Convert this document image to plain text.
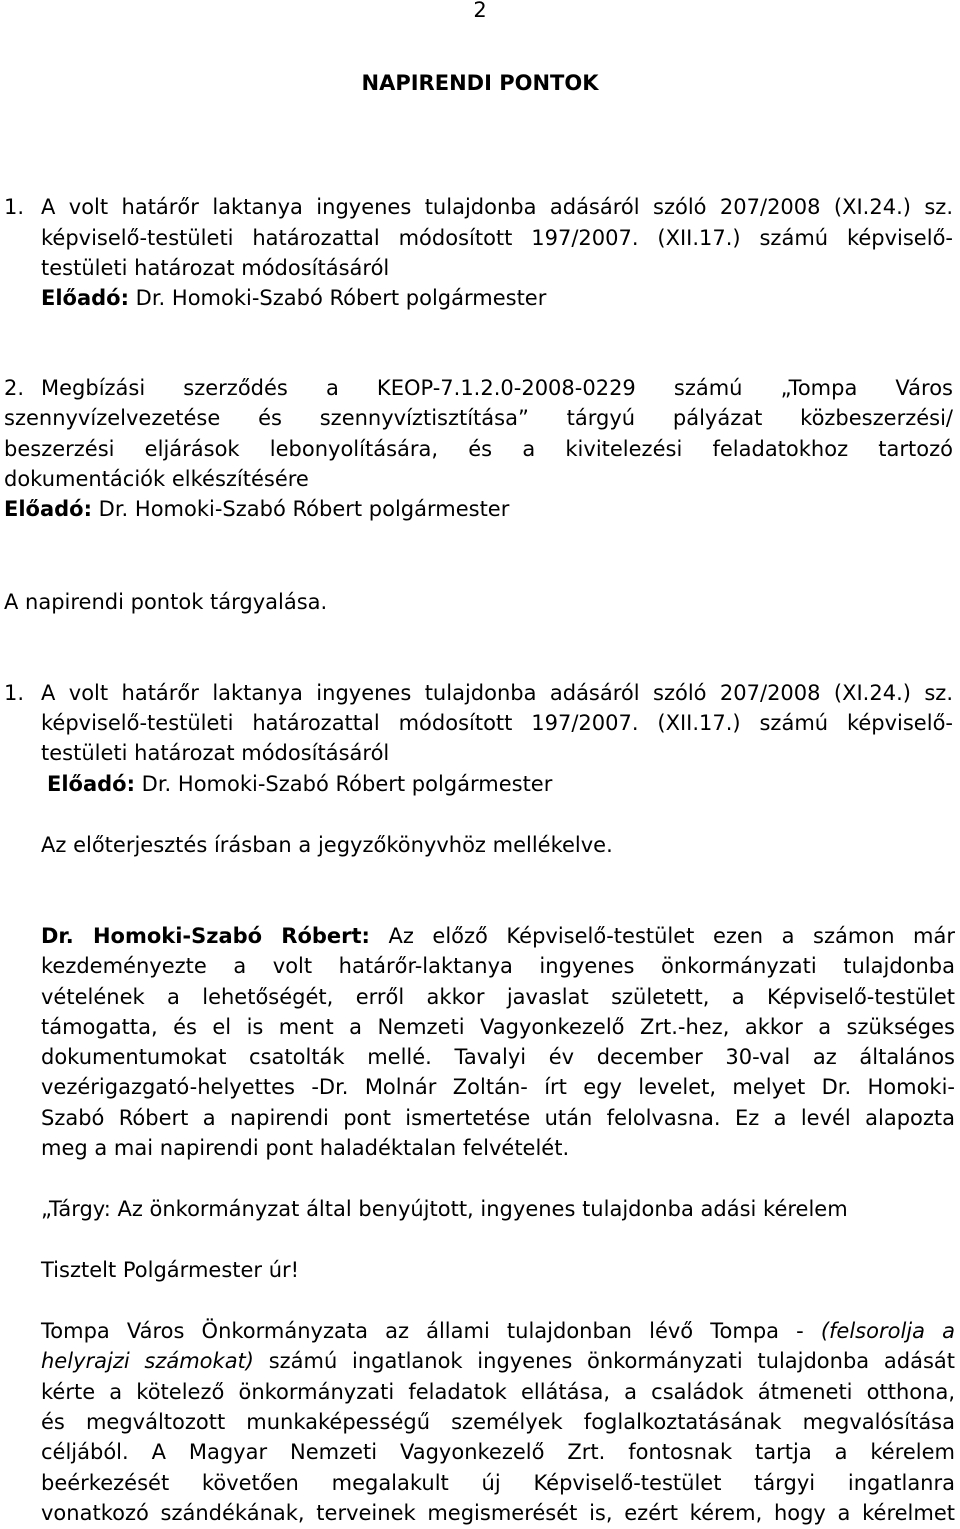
2
NAPIRENDI PONTOK
1. A volt határőr laktanya ingyenes tulajdonba adásáról szóló 207/2008 (XI.24.) sz.
képviselő-testületi határozattal módosított 197/2007. (XII.17.) számú képviselő-
testületi határozat módosításáról
Előadó: Dr. Homoki-Szabó Róbert polgármester
2. Megbízási szerződés a KEOP-7.1.2.0-2008-0229 számú „Tompa Város
szennyvízelvezetése és szennyvíztisztítása” tárgyú pályázat közbeszerzési/
beszerzési eljárások lebonyolítására, és a kivitelezési feladatokhoz tartozó
dokumentációk elkészítésére
Előadó: Dr. Homoki-Szabó Róbert polgármester
A napirendi pontok tárgyalása.
1. A volt határőr laktanya ingyenes tulajdonba adásáról szóló 207/2008 (XI.24.) sz.
képviselő-testületi határozattal módosított 197/2007. (XII.17.) számú képviselő-
testületi határozat módosításáról
Előadó: Dr. Homoki-Szabó Róbert polgármester
Az előterjesztés írásban a jegyzőkönyvhöz mellékelve.
Dr. Homoki-Szabó Róbert: Az előző Képviselő-testület ezen a számon már
kezdeményezte a volt határőr-laktanya ingyenes önkormányzati tulajdonba
vételének a lehetőségét, erről akkor javaslat született, a Képviselő-testület
támogatta, és el is ment a Nemzeti Vagyonkezelő Zrt.-hez, akkor a szükséges
dokumentumokat csatolták mellé. Tavalyi év december 30-val az általános
vezérigazgató-helyettes -Dr. Molnár Zoltán- írt egy levelet, melyet Dr. Homoki-
Szabó Róbert a napirendi pont ismertetése után felolvasna. Ez a levél alapozta
meg a mai napirendi pont haladéktalan felvételét.
„Tárgy: Az önkormányzat által benyújtott, ingyenes tulajdonba adási kérelem
Tisztelt Polgármester úr!
Tompa Város Önkormányzata az állami tulajdonban lévő Tompa - (felsorolja a
helyrajzi számokat) számú ingatlanok ingyenes önkormányzati tulajdonba adását
kérte a kötelező önkormányzati feladatok ellátása, a családok átmeneti otthona,
és megváltozott munkaképességű személyek foglalkoztatásának megvalósítása
céljából. A Magyar Nemzeti Vagyonkezelő Zrt. fontosnak tartja a kérelem
beérkezését követően megalakult új Képviselő-testület tárgyi ingatlanra
vonatkozó szándékának, terveinek megismerését is, ezért kérem, hogy a kérelmet
